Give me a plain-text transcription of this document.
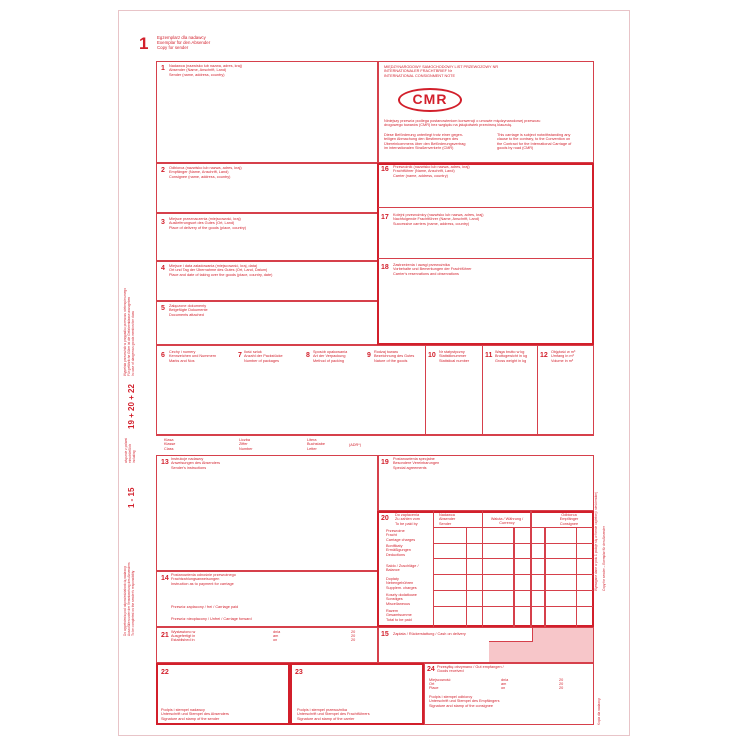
1 Egzemplarz dla nadawcy
Exemplar für den Absender
Copy for sender
1 - 15
19 + 20 + 22
Do wypełnienia pod odpowiedzialnością nadawcy
Auszufüllen unter der Verantwortung des Absenders
To be completed on the sender's responsibility
włącznie z polami
einschließlich
including
Wypełnia przewoźnik w przypadku przewozu niebezpiecznego
Für gefährliche Güter ist die Gefahrenklasse anzugeben
In case of dangerous goods mention the class
Wymagane dane w polu 1 podaje się w formie czytelnej i nieścieralnej Copy for sender – Exemplar für den Absender
Kopia dla nadawcy
1 Nadawca (nazwisko lub nazwa, adres, kraj)
Absender (Name, Anschrift, Land)
Sender (name, address, country)
MIĘDZYNARODOWY SAMOCHODOWY LIST PRZEWOZOWY NR
INTERNATIONALER FRACHTBRIEF Nr
INTERNATIONAL CONSIGNMENT NOTE
CMR
Niniejszy przewóz podlega postanowieniom konwencji o umowie międzynarodowej przewozu
drogowego towarów (CMR) bez względu na jakąkolwiek przeciwną klauzulę.
Diese Beförderung unterliegt trotz einer gegen-
teiligen Abmachung den Bestimmungen des
Übereinkommens über den Beförderungsvertrag
im internationalen Straßenverkehr (CMR)
This carriage is subject notwithstanding any
clause to the contrary, to the Convention on
the Contract for the International Carriage of
goods by road (CMR)
2 Odbiorca (nazwisko lub nazwa, adres, kraj)
Empfänger (Name, Anschrift, Land)
Consignee (name, address, country)
3 Miejsce przeznaczenia (miejscowość, kraj)
Auslieferungsort des Gutes (Ort, Land)
Place of delivery of the goods (place, country)
4 Miejsce i data załadowania (miejscowość, kraj, data)
Ort und Tag der Übernahme des Gutes (Ort, Land, Datum)
Place and date of taking over the goods (place, country, date)
5 Załączone dokumenty
Beigefügte Dokumente
Documents attached
16 Przewoźnik (nazwisko lub nazwa, adres, kraj)
Frachtführer (Name, Anschrift, Land)
Carrier (name, address, country)
17 Kolejni przewoźnicy (nazwisko lub nazwa, adres, kraj)
Nachfolgende Frachtführer (Name, Anschrift, Land)
Successive carriers (name, address, country)
18 Zastrzeżenia i uwagi przewoźnika
Vorbehalte und Bemerkungen der Frachtführer
Carrier's reservations and observations
6 Cechy i numery
Kennzeichen und Nummern
Marks and Nos
7 Ilość sztuk
Anzahl der Packstücke
Number of packages
8 Sposób opakowania
Art der Verpackung
Method of packing
9 Rodzaj towaru
Bezeichnung des Gutes
Nature of the goods
10 Nr statystyczny
Statistiknummer
Statistical number
11 Waga brutto w kg
Bruttogewicht in kg
Gross weight in kg
12 Objętość w m³
Umfang in m³
Volume in m³
Klasa
Klasse
Class
Liczba
Ziffer
Number
Litera
Buchstabe
Letter
(ADR*)
13 Instrukcje nadawcy
Anweisungen des Absenders
Sender's instructions
19 Postanowienia specjalne
Besondere Vereinbarungen
Special agreements
14 Postanowienia odnośnie przewoźnego
Frachtzahlungsanweisungen
Instruction as to payment for carriage
Przewóz zapłacony / frei / Carriage paid
Przewóz nieopłacony / Unfrei / Carriage forward
20 Do zapłacenia
Zu zahlen vom
To be paid by
Nadawca
Absender
Sender
Waluta / Währung /
Currency
Odbiorca
Empfänger
Consignee
Przewoźne
Fracht
Carriage charges
Bonifikaty
Ermäßigungen
Deductions
Saldo / Zuschläge /
Balance
Dopłaty
Nebengebühren
Supplem. charges
Koszty dodatkowe
Sonstiges
Miscellaneous
Razem
Gesamtsumme
Total to be paid
21 Wystawiono w
Ausgefertigt in
Established in
dnia
am
on
20
20
20
15 Zapłata / Rückerstattung / Cash on delivery
22
Podpis i stempel nadawcy
Unterschrift und Stempel des Absenders
Signature and stamp of the sender
23
Podpis i stempel przewoźnika
Unterschrift und Stempel des Frachtführers
Signature and stamp of the carrier
24 Przesyłkę otrzymano / Gut empfangen /
Goods received
Miejscowość
Ort
Place
dnia
am
on
20
20
20
Podpis i stempel odbiorcy
Unterschrift und Stempel des Empfängers
Signature and stamp of the consignee
